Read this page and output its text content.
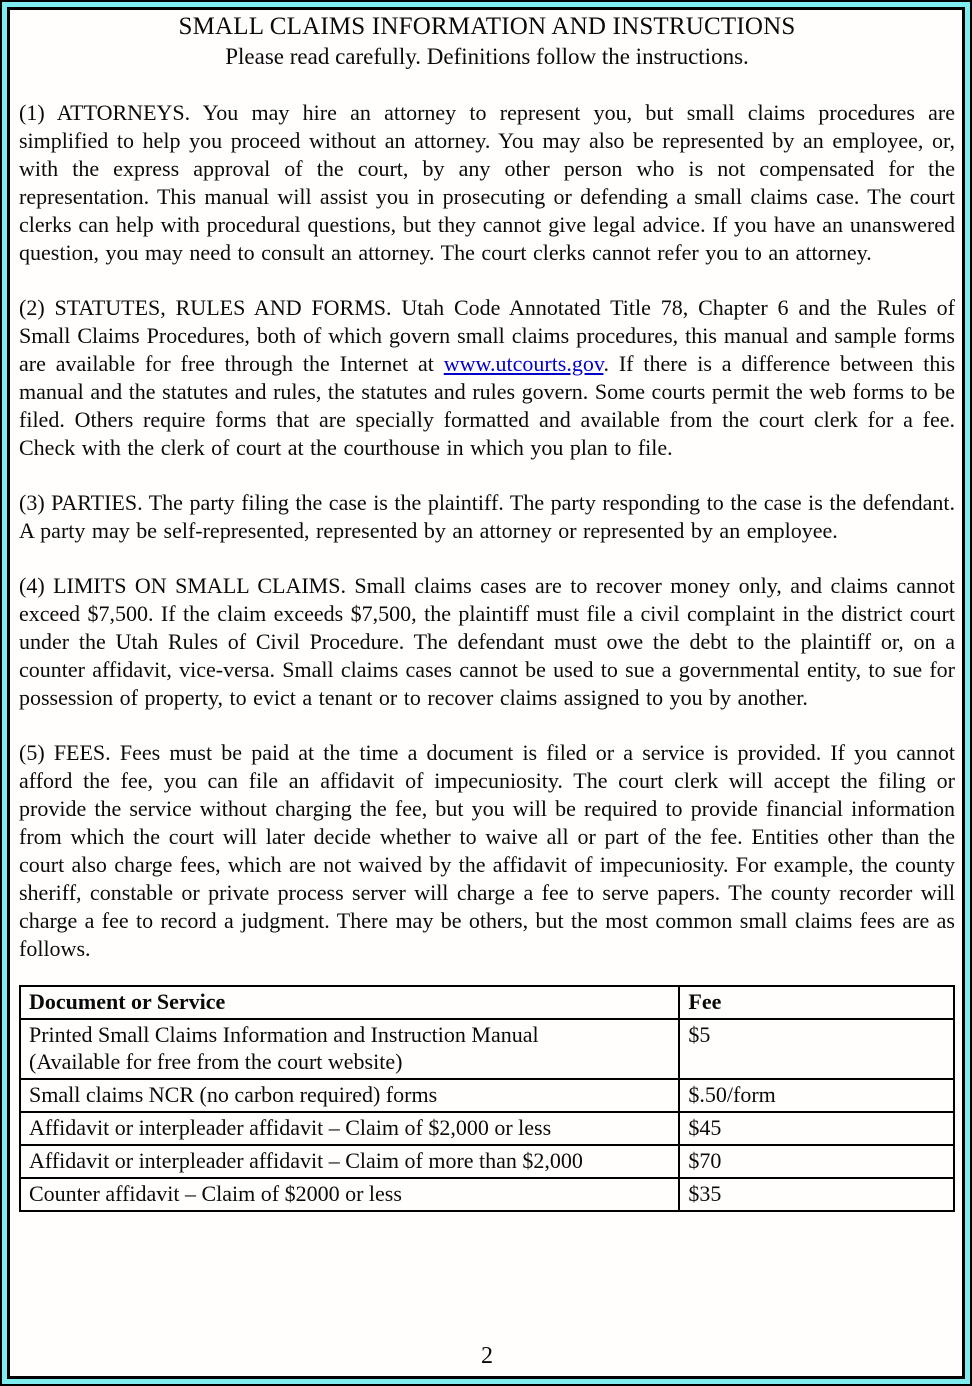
SMALL CLAIMS INFORMATION AND INSTRUCTIONS
Please read carefully. Definitions follow the instructions.

(1) ATTORNEYS. You may hire an attorney to represent you, but small claims procedures are simplified to help you proceed without an attorney. You may also be represented by an employee, or, with the express approval of the court, by any other person who is not compensated for the representation. This manual will assist you in prosecuting or defending a small claims case. The court clerks can help with procedural questions, but they cannot give legal advice. If you have an unanswered question, you may need to consult an attorney. The court clerks cannot refer you to an attorney.

(2) STATUTES, RULES AND FORMS. Utah Code Annotated Title 78, Chapter 6 and the Rules of Small Claims Procedures, both of which govern small claims procedures, this manual and sample forms are available for free through the Internet at www.utcourts.gov. If there is a difference between this manual and the statutes and rules, the statutes and rules govern. Some courts permit the web forms to be filed. Others require forms that are specially formatted and available from the court clerk for a fee. Check with the clerk of court at the courthouse in which you plan to file.

(3) PARTIES. The party filing the case is the plaintiff. The party responding to the case is the defendant. A party may be self-represented, represented by an attorney or represented by an employee.

(4) LIMITS ON SMALL CLAIMS. Small claims cases are to recover money only, and claims cannot exceed $7,500. If the claim exceeds $7,500, the plaintiff must file a civil complaint in the district court under the Utah Rules of Civil Procedure. The defendant must owe the debt to the plaintiff or, on a counter affidavit, vice-versa. Small claims cases cannot be used to sue a governmental entity, to sue for possession of property, to evict a tenant or to recover claims assigned to you by another.

(5) FEES. Fees must be paid at the time a document is filed or a service is provided. If you cannot afford the fee, you can file an affidavit of impecuniosity. The court clerk will accept the filing or provide the service without charging the fee, but you will be required to provide financial information from which the court will later decide whether to waive all or part of the fee. Entities other than the court also charge fees, which are not waived by the affidavit of impecuniosity. For example, the county sheriff, constable or private process server will charge a fee to serve papers. The county recorder will charge a fee to record a judgment. There may be others, but the most common small claims fees are as follows.

Document or Service	Fee
Printed Small Claims Information and Instruction Manual
(Available for free from the court website)	$5
Small claims NCR (no carbon required) forms	$.50/form
Affidavit or interpleader affidavit – Claim of $2,000 or less	$45
Affidavit or interpleader affidavit – Claim of more than $2,000	$70
Counter affidavit – Claim of $2000 or less	$35
2
